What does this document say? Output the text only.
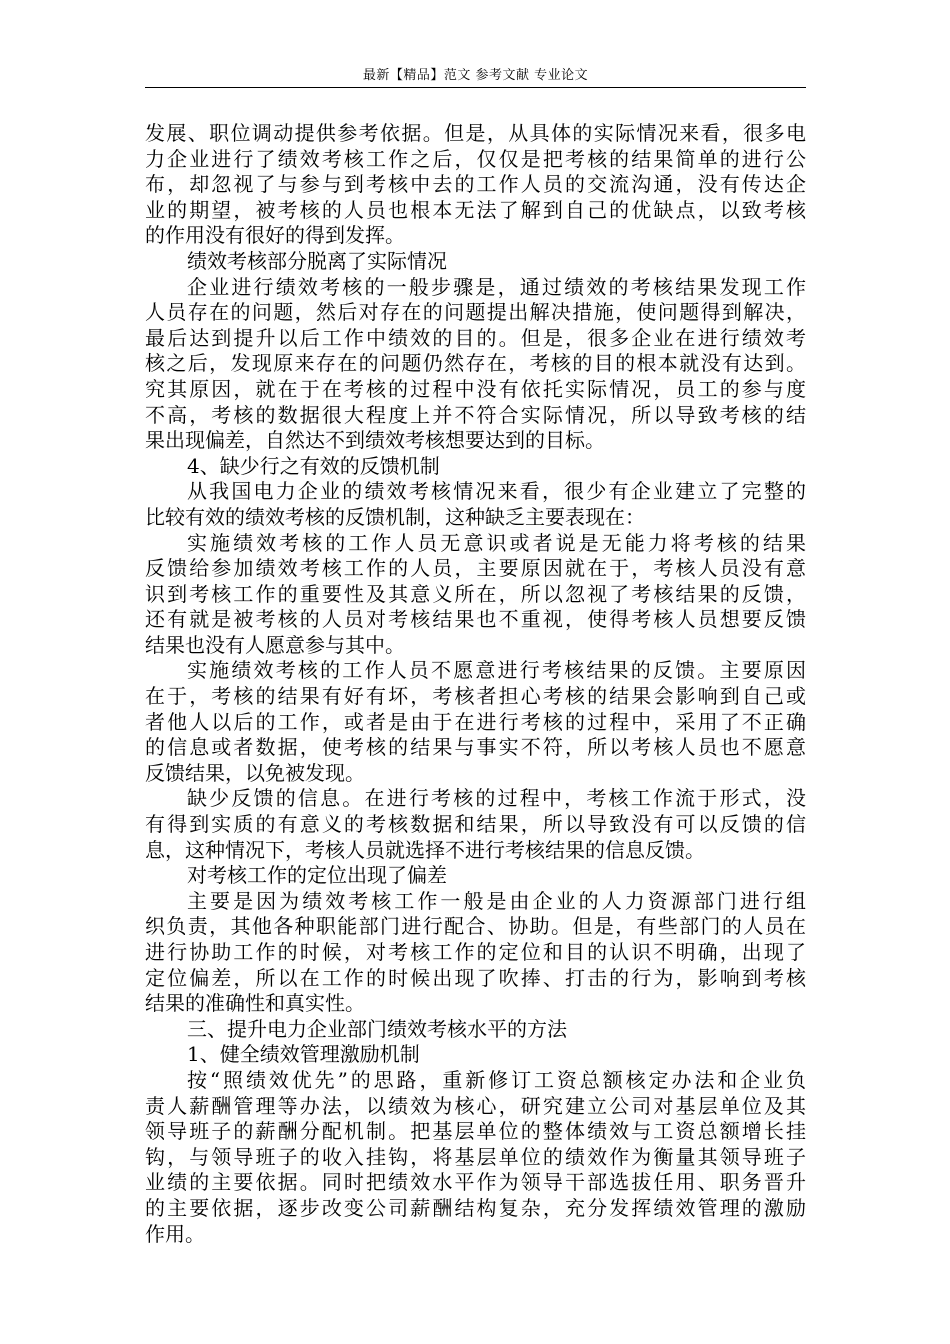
最新【精品】范文 参考文献 专业论文
发展、职位调动提供参考依据。但是，从具体的实际情况来看，很多电
力企业进行了绩效考核工作之后，仅仅是把考核的结果简单的进行公
布，却忽视了与参与到考核中去的工作人员的交流沟通，没有传达企
业的期望，被考核的人员也根本无法了解到自己的优缺点，以致考核
的作用没有很好的得到发挥。
绩效考核部分脱离了实际情况
企业进行绩效考核的一般步骤是，通过绩效的考核结果发现工作
人员存在的问题，然后对存在的问题提出解决措施，使问题得到解决，
最后达到提升以后工作中绩效的目的。但是，很多企业在进行绩效考
核之后，发现原来存在的问题仍然存在，考核的目的根本就没有达到。
究其原因，就在于在考核的过程中没有依托实际情况，员工的参与度
不高，考核的数据很大程度上并不符合实际情况，所以导致考核的结
果出现偏差，自然达不到绩效考核想要达到的目标。
4、缺少行之有效的反馈机制
从我国电力企业的绩效考核情况来看，很少有企业建立了完整的
比较有效的绩效考核的反馈机制，这种缺乏主要表现在：
实施绩效考核的工作人员无意识或者说是无能力将考核的结果
反馈给参加绩效考核工作的人员，主要原因就在于，考核人员没有意
识到考核工作的重要性及其意义所在，所以忽视了考核结果的反馈，
还有就是被考核的人员对考核结果也不重视，使得考核人员想要反馈
结果也没有人愿意参与其中。
实施绩效考核的工作人员不愿意进行考核结果的反馈。主要原因
在于，考核的结果有好有坏，考核者担心考核的结果会影响到自己或
者他人以后的工作，或者是由于在进行考核的过程中，采用了不正确
的信息或者数据，使考核的结果与事实不符，所以考核人员也不愿意
反馈结果，以免被发现。
缺少反馈的信息。在进行考核的过程中，考核工作流于形式，没
有得到实质的有意义的考核数据和结果，所以导致没有可以反馈的信
息，这种情况下，考核人员就选择不进行考核结果的信息反馈。
对考核工作的定位出现了偏差
主要是因为绩效考核工作一般是由企业的人力资源部门进行组
织负责，其他各种职能部门进行配合、协助。但是，有些部门的人员在
进行协助工作的时候，对考核工作的定位和目的认识不明确，出现了
定位偏差，所以在工作的时候出现了吹捧、打击的行为，影响到考核
结果的准确性和真实性。
三、提升电力企业部门绩效考核水平的方法
1、健全绩效管理激励机制
按“照绩效优先”的思路，重新修订工资总额核定办法和企业负
责人薪酬管理等办法，以绩效为核心，研究建立公司对基层单位及其
领导班子的薪酬分配机制。把基层单位的整体绩效与工资总额增长挂
钩，与领导班子的收入挂钩，将基层单位的绩效作为衡量其领导班子
业绩的主要依据。同时把绩效水平作为领导干部选拔任用、职务晋升
的主要依据，逐步改变公司薪酬结构复杂，充分发挥绩效管理的激励
作用。
